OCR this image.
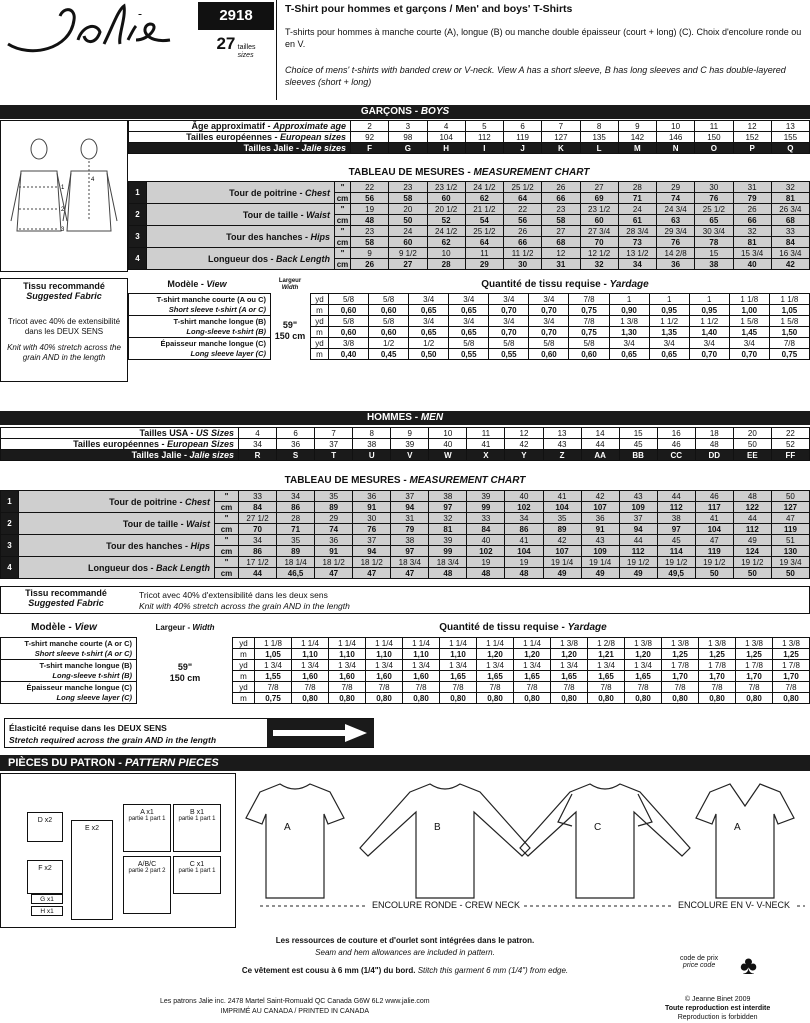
2918
27 tailles
sizes
T-Shirt pour hommes et garçons / Men' and boys' T-Shirts
T-shirts pour hommes à manche courte (A), longue (B) ou manche double épaisseur (court + long) (C). Choix d'encolure ronde ou en V.
Choice of mens' t-shirts with banded crew or V-neck. View A has a short sleeve, B has long sleeves and C has double-layered sleeves (short + long)
GARÇONS - BOYS
4
1
2
3
Âge approximatif - Approximate age	2	3	4	5	6	7	8	9	10	11	12	13
Tailles européennes - European sizes	92	98	104	112	119	127	135	142	146	150	152	155
Tailles Jalie - Jalie sizes	F	G	H	I	J	K	L	M	N	O	P	Q
TABLEAU DE MESURES - MEASUREMENT CHART
1	Tour de poitrine - Chest	"	22	23	23 1/2	24 1/2	25 1/2	26	27	28	29	30	31	32
		cm	56	58	60	62	64	66	69	71	74	76	79	81
2	Tour de taille - Waist	"	19	20	20 1/2	21 1/2	22	23	23 1/2	24	24 3/4	25 1/2	26	26 3/4
		cm	48	50	52	54	56	58	60	61	63	65	66	68
3	Tour des hanches - Hips	"	23	24	24 1/2	25 1/2	26	27	27 3/4	28 3/4	29 3/4	30 3/4	32	33
		cm	58	60	62	64	66	68	70	73	76	78	81	84
4	Longueur dos - Back Length	"	9	9 1/2	10	11	11 1/2	12	12 1/2	13 1/2	14 2/8	15	15 3/4	16 3/4
		cm	26	27	28	29	30	31	32	34	36	38	40	42
Tissu recommandé
Suggested Fabric
Tricot avec 40% de extensibilité dans les DEUX SENS
Knit with 40% stretch across the grain AND in the length
Modèle - View	Largeur
Width	Quantité de tissu requise - Yardage
59"
150 cm
T-shirt manche courte (A ou C)
Short sleeve t-shirt (A or C)		yd	5/8	5/8	3/4	3/4	3/4	3/4	7/8	1	1	1	1 1/8	1 1/8
		m	0,60	0,60	0,65	0,65	0,70	0,70	0,75	0,90	0,95	0,95	1,00	1,05

T-shirt manche longue (B)
Long-sleeve t-shirt (B)		yd	5/8	5/8	3/4	3/4	3/4	3/4	7/8	1 3/8	1 1/2	1 1/2	1 5/8	1 5/8
		m	0,60	0,60	0,65	0,65	0,70	0,70	0,75	1,30	1,35	1,40	1,45	1,50

Épaisseur manche longue (C)
Long sleeve layer (C)		yd	3/8	1/2	1/2	5/8	5/8	5/8	5/8	3/4	3/4	3/4	3/4	7/8
		m	0,40	0,45	0,50	0,55	0,55	0,60	0,60	0,65	0,65	0,70	0,70	0,75
HOMMES - MEN
Tailles USA - US Sizes	4	6	7	8	9	10	11	12	13	14	15	16	18	20	22
Tailles européennes - European Sizes	34	36	37	38	39	40	41	42	43	44	45	46	48	50	52
Tailles Jalie - Jalie sizes	R	S	T	U	V	W	X	Y	Z	AA	BB	CC	DD	EE	FF
TABLEAU DE MESURES - MEASUREMENT CHART
1	Tour de poitrine - Chest	"	33	34	35	36	37	38	39	40	41	42	43	44	46	48	50
		cm	84	86	89	91	94	97	99	102	104	107	109	112	117	122	127
2	Tour de taille - Waist	"	27 1/2	28	29	30	31	32	33	34	35	36	37	38	41	44	47
		cm	70	71	74	76	79	81	84	86	89	91	94	97	104	112	119
3	Tour des hanches - Hips	"	34	35	36	37	38	39	40	41	42	43	44	45	47	49	51
		cm	86	89	91	94	97	99	102	104	107	109	112	114	119	124	130
4	Longueur dos - Back Length	"	17 1/2	18 1/4	18 1/2	18 1/2	18 3/4	18 3/4	19	19	19 1/4	19 1/4	19 1/2	19 1/2	19 1/2	19 1/2	19 3/4
		cm	44	46,5	47	47	47	48	48	48	49	49	49	49,5	50	50	50
Tissu recommandé
Suggested Fabric
Tricot avec 40% d'extensibilité dans les deux sens
Knit with 40% stretch across the grain AND in the length
Modèle - View	Largeur - Width	Quantité de tissu requise - Yardage
59"
150 cm
T-shirt manche courte (A or C)
Short sleeve t-shirt (A or C)		yd	1 1/8	1 1/4	1 1/4	1 1/4	1 1/4	1 1/4	1 1/4	1 1/4	1 3/8	1 2/8	1 3/8	1 3/8	1 3/8	1 3/8	1 3/8
		m	1,05	1,10	1,10	1,10	1,10	1,10	1,20	1,20	1,20	1,21	1,20	1,25	1,25	1,25	1,25

T-shirt manche longue (B)
Long-sleeve t-shirt (B)		yd	1 3/4	1 3/4	1 3/4	1 3/4	1 3/4	1 3/4	1 3/4	1 3/4	1 3/4	1 3/4	1 3/4	1 7/8	1 7/8	1 7/8	1 7/8
		m	1,55	1,60	1,60	1,60	1,60	1,65	1,65	1,65	1,65	1,65	1,65	1,70	1,70	1,70	1,70

Épaisseur manche longue (C)
Long sleeve layer (C)		yd	7/8	7/8	7/8	7/8	7/8	7/8	7/8	7/8	7/8	7/8	7/8	7/8	7/8	7/8	7/8
		m	0,75	0,80	0,80	0,80	0,80	0,80	0,80	0,80	0,80	0,80	0,80	0,80	0,80	0,80	0,80
Élasticité requise dans les DEUX SENS
Stretch required across the grain AND in the length
PIÈCES DU PATRON - PATTERN PIECES
D x2
E x2
F x2
G x1
H x1
A x1
partie 1 part 1
B x1
partie 1 part 1
A/B/C
partie 2 part 2
C x1
partie 1 part 1
A	B	C	A
ENCOLURE RONDE - CREW NECK	ENCOLURE EN V- V-NECK
Les ressources de couture et d'ourlet sont intégrées dans le patron.
Seam and hem allowances are included in pattern.
Ce vêtement est cousu à 6 mm (1/4") du bord. Stitch this garment 6 mm (1/4") from edge.
code de prix
price code ♣
Les patrons Jalie inc. 2478 Martel Saint-Romuald QC Canada G6W 6L2 www.jalie.com
IMPRIMÉ AU CANADA / PRINTED IN CANADA
© Jeanne Binet 2009
Toute reproduction est interdite
Reproduction is forbidden
